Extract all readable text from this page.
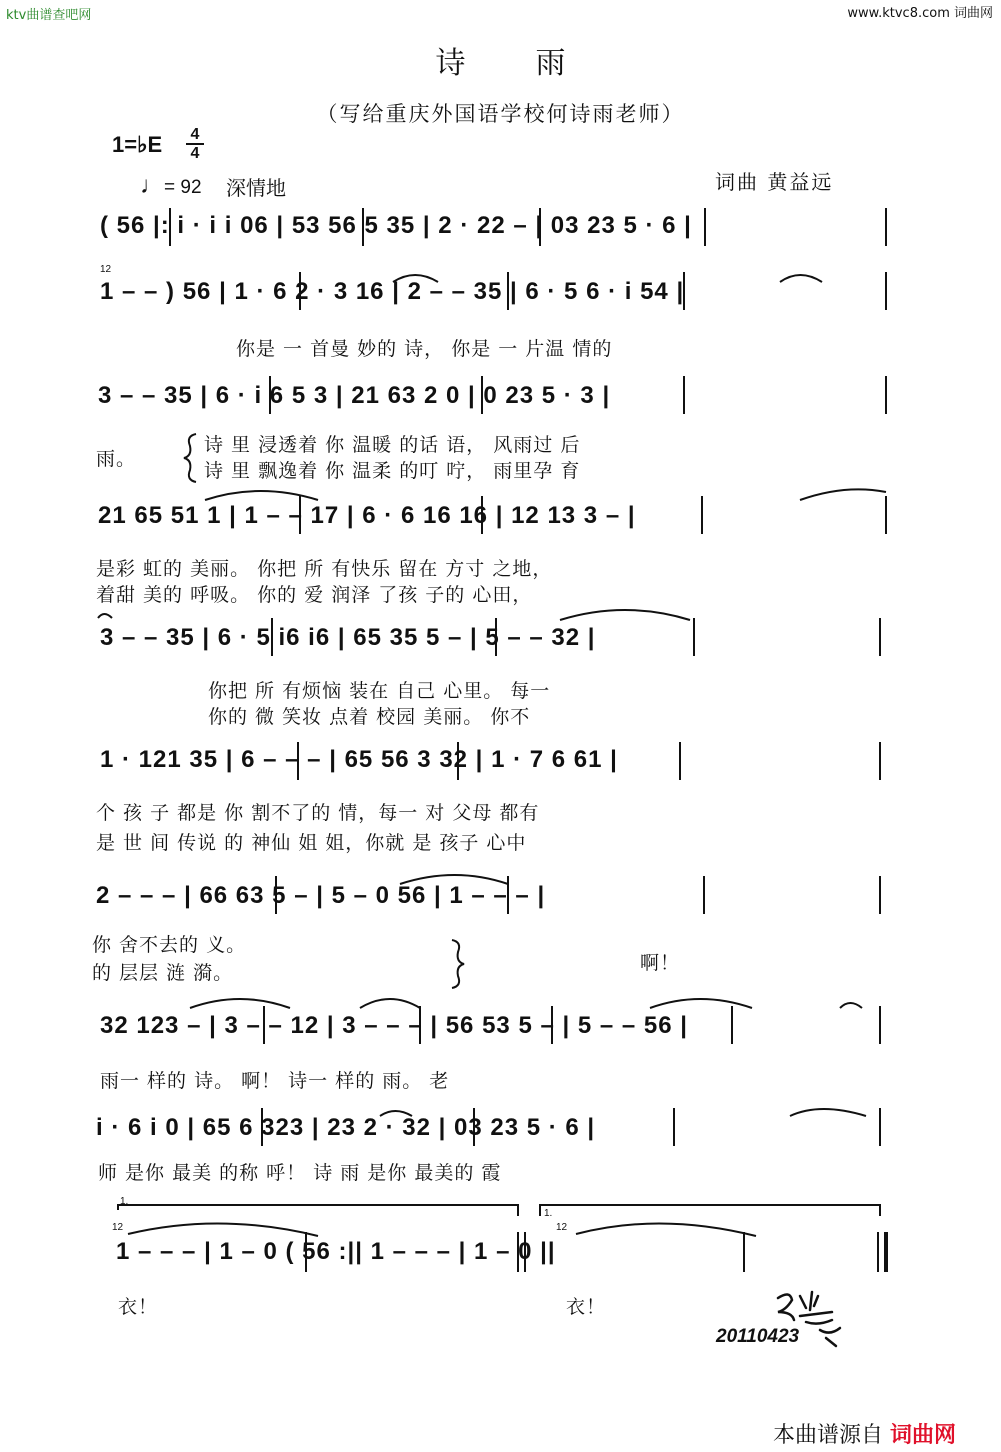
ktv曲谱查吧网	www.ktvc8.com 词曲网
诗雨
（写给重庆外国语学校何诗雨老师）
1=♭E 4
4
♩= 92 深情地	词曲 黄益远
( 56 |: i · i i 06 | 53 56 5 35 | 2 · 22 – | 03 23 5 · 6 |
1 – – ) 56 | 1 · 6 2 · 3 16 | 2 – – 35 | 6 · 5 6 · i 54 |
3 – – 35 | 6 · i 6 5 3 | 21 63 2 0 | 0 23 5 · 3 |
21 65 51 1 | 1 – – 17 | 6 · 6 16 16 | 12 13 3 – |
3 – – 35 | 6 · 5 i6 i6 | 65 35 5 – | 5 – – 32 |
1 · 121 35 | 6 – – – | 65 56 3 32 | 1 · 7 6 61 |
2 – – – | 66 63 5 – | 5 – 0 56 | 1 – – – |
32 123 – | 3 – – 12 | 3 – – – | 56 53 5 – | 5 – – 56 |
i · 6 i 0 | 65 6 323 | 23 2 · 32 | 03 23 5 · 6 |
1 – – – | 1 – 0 ( 56 :|| 1 – – – | 1 – 0 ||
12
12	12
1.
1.
你是 一 首曼 妙的 诗， 你是 一 片温 情的
雨。
诗 里 浸透着 你 温暖 的话 语， 风雨过 后
诗 里 飘逸着 你 温柔 的叮 咛， 雨里孕 育
是彩 虹的 美丽。 你把 所 有快乐 留在 方寸 之地，
着甜 美的 呼吸。 你的 爱 润泽 了孩 子的 心田，
你把 所 有烦恼 装在 自己 心里。 每一
你的 微 笑妆 点着 校园 美丽。 你不
个 孩 子 都是 你 割不了的 情，每一 对 父母 都有
是 世 间 传说 的 神仙 姐 姐，你就 是 孩子 心中
你 舍不去的 义。
的 层层 涟 漪。	啊！
雨一 样的 诗。 啊！ 诗一 样的 雨。 老
师 是你 最美 的称 呼！ 诗 雨 是你 最美的 霞
衣！	衣！
20110423
本曲谱源自 词曲网
